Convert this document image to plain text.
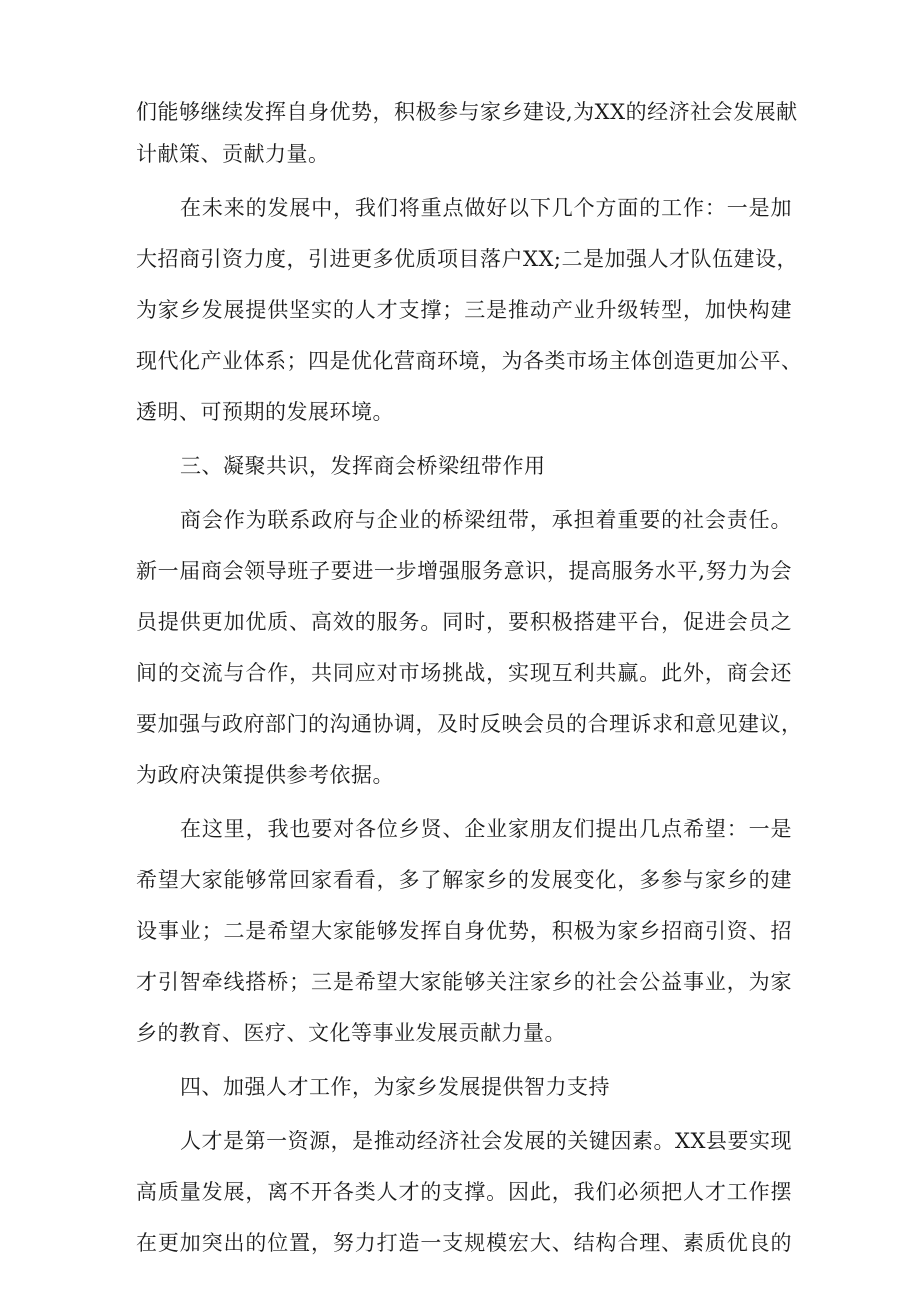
们能够继续发挥自身优势，积极参与家乡建设,为XX的经济社会发展献
计献策、贡献力量。
在未来的发展中，我们将重点做好以下几个方面的工作：一是加
大招商引资力度，引进更多优质项目落户XX;二是加强人才队伍建设，
为家乡发展提供坚实的人才支撑；三是推动产业升级转型，加快构建
现代化产业体系；四是优化营商环境，为各类市场主体创造更加公平、
透明、可预期的发展环境。
三、凝聚共识，发挥商会桥梁纽带作用
商会作为联系政府与企业的桥梁纽带，承担着重要的社会责任。
新一届商会领导班子要进一步增强服务意识，提高服务水平,努力为会
员提供更加优质、高效的服务。同时，要积极搭建平台，促进会员之
间的交流与合作，共同应对市场挑战，实现互利共赢。此外，商会还
要加强与政府部门的沟通协调，及时反映会员的合理诉求和意见建议，
为政府决策提供参考依据。
在这里，我也要对各位乡贤、企业家朋友们提出几点希望：一是
希望大家能够常回家看看，多了解家乡的发展变化，多参与家乡的建
设事业；二是希望大家能够发挥自身优势，积极为家乡招商引资、招
才引智牵线搭桥；三是希望大家能够关注家乡的社会公益事业，为家
乡的教育、医疗、文化等事业发展贡献力量。
四、加强人才工作，为家乡发展提供智力支持
人才是第一资源，是推动经济社会发展的关键因素。XX县要实现
高质量发展，离不开各类人才的支撑。因此，我们必须把人才工作摆
在更加突出的位置，努力打造一支规模宏大、结构合理、素质优良的
